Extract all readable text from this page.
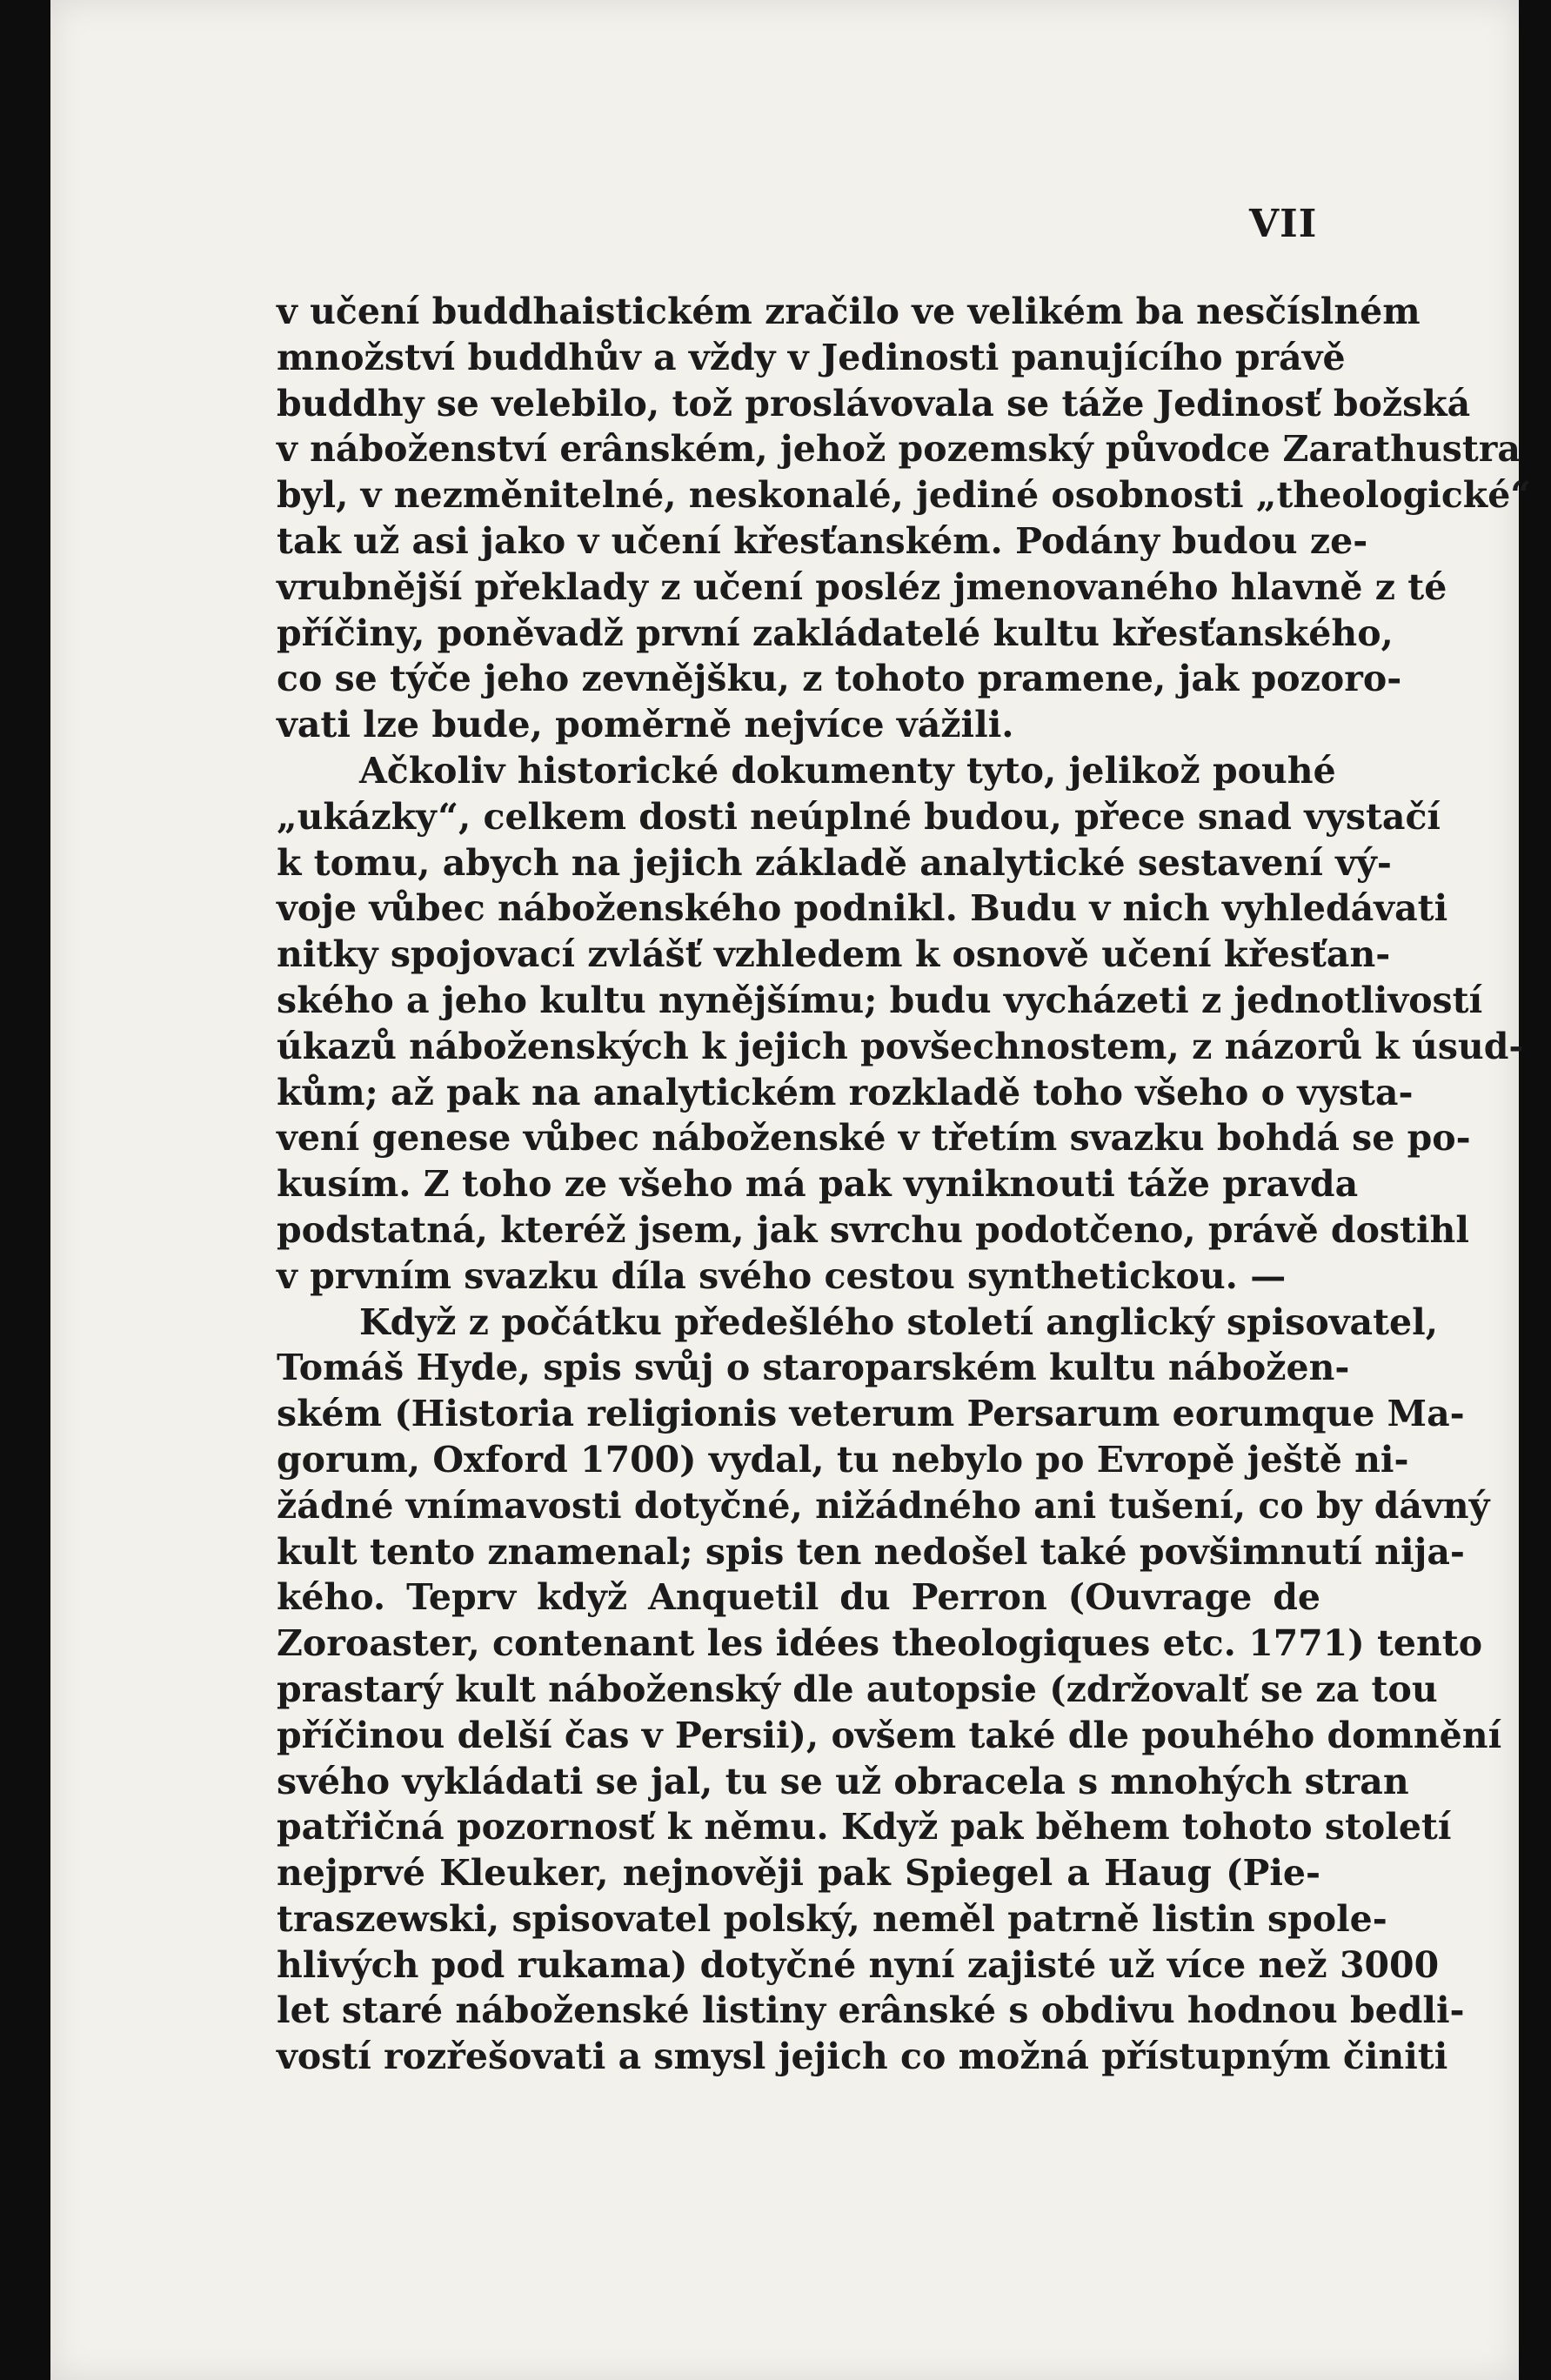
VII
v učení buddhaistickém zračilo ve velikém ba nesčíslném
množství buddhův a vždy v Jedinosti panujícího právě
buddhy se velebilo, tož proslávovala se táže Jedinosť božská
v náboženství erânském, jehož pozemský původce Zarathustra
byl, v nezměnitelné, neskonalé, jediné osobnosti „theologické“
tak už asi jako v učení křesťanském. Podány budou ze-
vrubnější překlady z učení posléz jmenovaného hlavně z té
příčiny, poněvadž první zakládatelé kultu křesťanského,
co se týče jeho zevnějšku, z tohoto pramene, jak pozoro-
vati lze bude, poměrně nejvíce vážili.
Ačkoliv historické dokumenty tyto, jelikož pouhé
„ukázky“, celkem dosti neúplné budou, přece snad vystačí
k tomu, abych na jejich základě analytické sestavení vý-
voje vůbec náboženského podnikl. Budu v nich vyhledávati
nitky spojovací zvlášť vzhledem k osnově učení křesťan-
ského a jeho kultu nynějšímu; budu vycházeti z jednotlivostí
úkazů náboženských k jejich povšechnostem, z názorů k úsud-
kům; až pak na analytickém rozkladě toho všeho o vysta-
vení genese vůbec náboženské v třetím svazku bohdá se po-
kusím. Z toho ze všeho má pak vyniknouti táže pravda
podstatná, kteréž jsem, jak svrchu podotčeno, právě dostihl
v prvním svazku díla svého cestou synthetickou. —
Když z počátku předešlého století anglický spisovatel,
Tomáš Hyde, spis svůj o staroparském kultu nábožen-
ském (Historia religionis veterum Persarum eorumque Ma-
gorum, Oxford 1700) vydal, tu nebylo po Evropě ještě ni-
žádné vnímavosti dotyčné, nižádného ani tušení, co by dávný
kult tento znamenal; spis ten nedošel také povšimnutí nija-
kého. Teprv když Anquetil du Perron (Ouvrage de
Zoroaster, contenant les idées theologiques etc. 1771) tento
prastarý kult náboženský dle autopsie (zdržovalť se za tou
příčinou delší čas v Persii), ovšem také dle pouhého domnění
svého vykládati se jal, tu se už obracela s mnohých stran
patřičná pozornosť k němu. Když pak během tohoto století
nejprvé Kleuker, nejnověji pak Spiegel a Haug (Pie-
traszewski, spisovatel polský, neměl patrně listin spole-
hlivých pod rukama) dotyčné nyní zajisté už více než 3000
let staré náboženské listiny erânské s obdivu hodnou bedli-
vostí rozřešovati a smysl jejich co možná přístupným činiti
